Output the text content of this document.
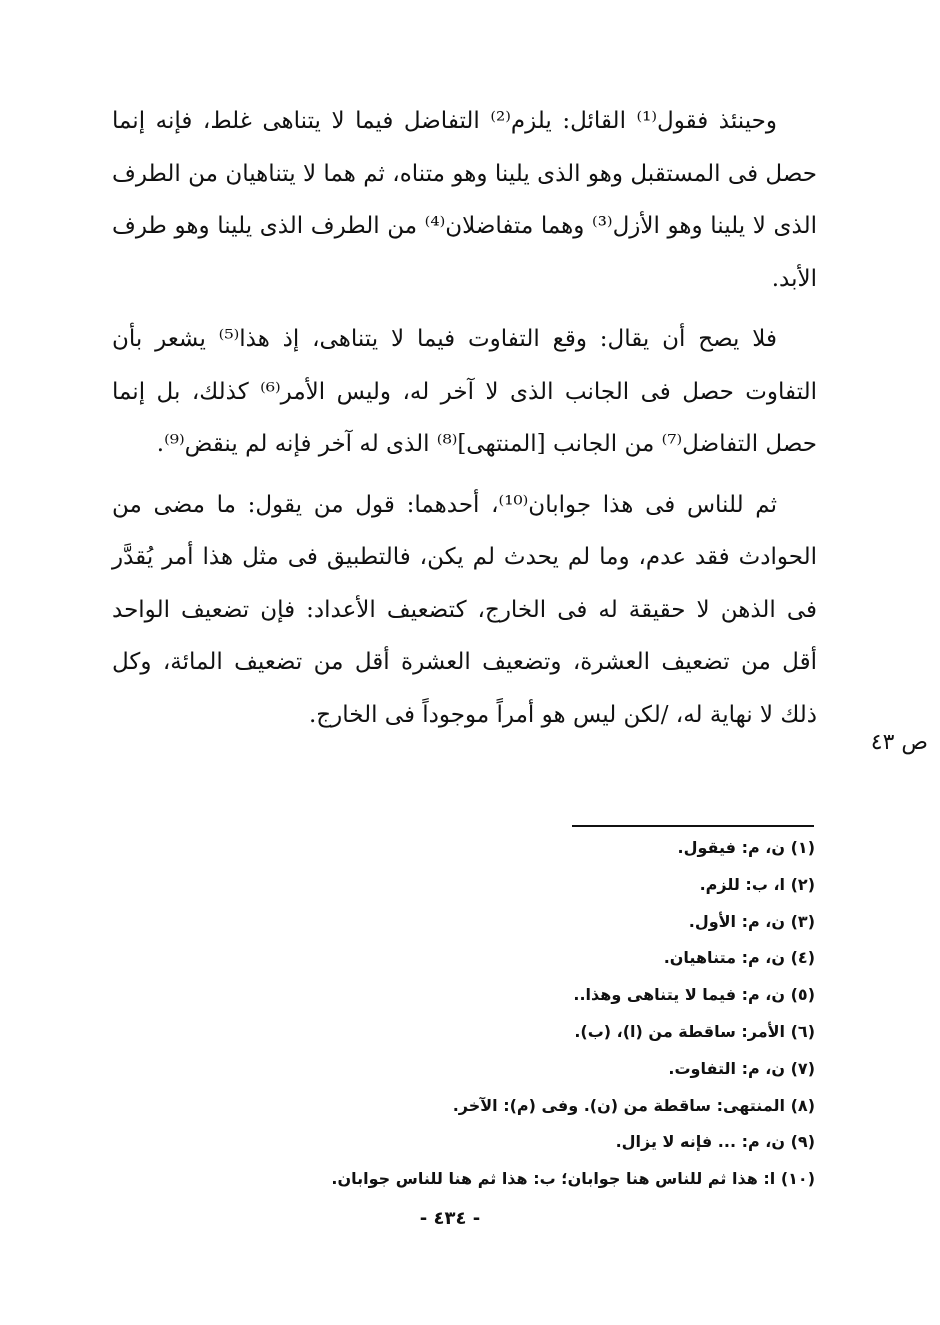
وحينئذ فقول⁽¹⁾ القائل: يلزم⁽²⁾ التفاضل فيما لا يتناهى غلط، فإنه إنما حصل فى المستقبل وهو الذى يلينا وهو متناه، ثم هما لا يتناهيان من الطرف الذى لا يلينا وهو الأزل⁽³⁾ وهما متفاضلان⁽⁴⁾ من الطرف الذى يلينا وهو طرف الأبد.

فلا يصح أن يقال: وقع التفاوت فيما لا يتناهى، إذ هذا⁽⁵⁾ يشعر بأن التفاوت حصل فى الجانب الذى لا آخر له، وليس الأمر⁽⁶⁾ كذلك، بل إنما حصل التفاضل⁽⁷⁾ من الجانب [المنتهى]⁽⁸⁾ الذى له آخر فإنه لم ينقض⁽⁹⁾.

ثم للناس فى هذا جوابان⁽¹⁰⁾، أحدهما: قول من يقول: ما مضى من الحوادث فقد عدم، وما لم يحدث لم يكن، فالتطبيق فى مثل هذا أمر يُقدَّر فى الذهن لا حقيقة له فى الخارج، كتضعيف الأعداد: فإن تضعيف الواحد أقل من تضعيف العشرة، وتضعيف العشرة أقل من تضعيف المائة، وكل ذلك لا نهاية له، /لكن ليس هو أمراً موجوداً فى الخارج.

ص ٤٣
(١) ن، م: فيقول.
(٢) ا، ب: للزم.
(٣) ن، م: الأول.
(٤) ن، م: متناهيان.
(٥) ن، م: فيما لا يتناهى وهذا..
(٦) الأمر: ساقطة من (ا)، (ب).
(٧) ن، م: التفاوت.
(٨) المنتهى: ساقطة من (ن). وفى (م): الآخر.
(٩) ن، م: ... فإنه لا يزال.
(١٠) ا: هذا ثم للناس هنا جوابان؛ ب: هذا ثم هنا للناس جوابان.
- ٤٣٤ -
